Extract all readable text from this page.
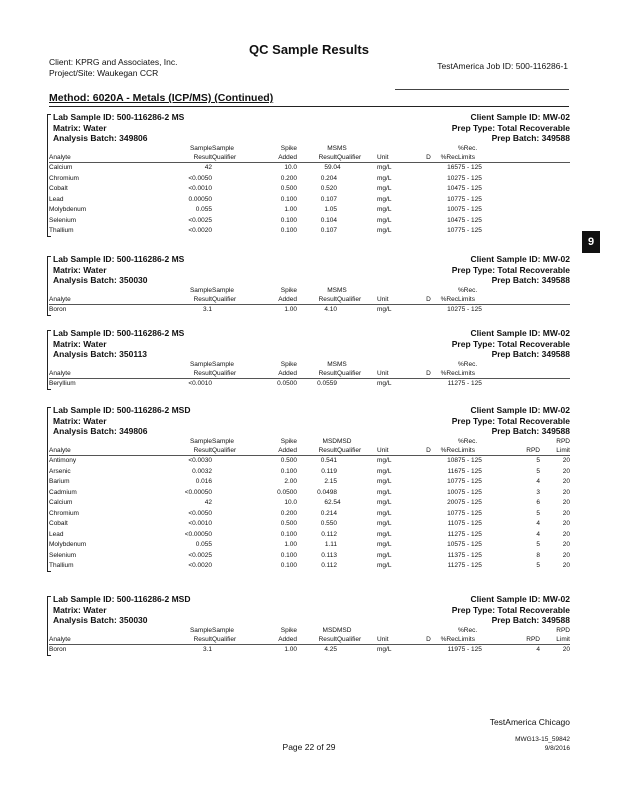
QC Sample Results
Client: KPRG and Associates, Inc.
Project/Site: Waukegan CCR
TestAmerica Job ID: 500-116286-1
Method: 6020A - Metals (ICP/MS) (Continued)
9
Lab Sample ID: 500-116286-2 MS
Matrix: Water
Analysis Batch: 349806
Client Sample ID: MW-02
Prep Type: Total Recoverable
Prep Batch: 349588
	Sample	Sample	Spike	MS	MS				%Rec.		
Analyte	Result	Qualifier	Added	Result	Qualifier	Unit	D	%Rec	Limits		
Calcium	42		10.0	59.0	4	mg/L		165	75 - 125		
Chromium	<0.0050		0.200	0.204		mg/L		102	75 - 125		
Cobalt	<0.0010		0.500	0.520		mg/L		104	75 - 125		
Lead	0.00050		0.100	0.107		mg/L		107	75 - 125		
Molybdenum	0.055		1.00	1.05		mg/L		100	75 - 125		
Selenium	<0.0025		0.100	0.104		mg/L		104	75 - 125		
Thallium	<0.0020		0.100	0.107		mg/L		107	75 - 125		
Lab Sample ID: 500-116286-2 MS
Matrix: Water
Analysis Batch: 350030
Client Sample ID: MW-02
Prep Type: Total Recoverable
Prep Batch: 349588
	Sample	Sample	Spike	MS	MS				%Rec.		
Analyte	Result	Qualifier	Added	Result	Qualifier	Unit	D	%Rec	Limits		
Boron	3.1		1.00	4.10		mg/L		102	75 - 125		
Lab Sample ID: 500-116286-2 MS
Matrix: Water
Analysis Batch: 350113
Client Sample ID: MW-02
Prep Type: Total Recoverable
Prep Batch: 349588
	Sample	Sample	Spike	MS	MS				%Rec.		
Analyte	Result	Qualifier	Added	Result	Qualifier	Unit	D	%Rec	Limits		
Beryllium	<0.0010		0.0500	0.0559		mg/L		112	75 - 125		
Lab Sample ID: 500-116286-2 MSD
Matrix: Water
Analysis Batch: 349806
Client Sample ID: MW-02
Prep Type: Total Recoverable
Prep Batch: 349588
	Sample	Sample	Spike	MSD	MSD				%Rec.		RPD
Analyte	Result	Qualifier	Added	Result	Qualifier	Unit	D	%Rec	Limits	RPD	Limit
Antimony	<0.0030		0.500	0.541		mg/L		108	75 - 125	5	20
Arsenic	0.0032		0.100	0.119		mg/L		116	75 - 125	5	20
Barium	0.016		2.00	2.15		mg/L		107	75 - 125	4	20
Cadmium	<0.00050		0.0500	0.0498		mg/L		100	75 - 125	3	20
Calcium	42		10.0	62.5	4	mg/L		200	75 - 125	6	20
Chromium	<0.0050		0.200	0.214		mg/L		107	75 - 125	5	20
Cobalt	<0.0010		0.500	0.550		mg/L		110	75 - 125	4	20
Lead	<0.00050		0.100	0.112		mg/L		112	75 - 125	4	20
Molybdenum	0.055		1.00	1.11		mg/L		105	75 - 125	5	20
Selenium	<0.0025		0.100	0.113		mg/L		113	75 - 125	8	20
Thallium	<0.0020		0.100	0.112		mg/L		112	75 - 125	5	20
Lab Sample ID: 500-116286-2 MSD
Matrix: Water
Analysis Batch: 350030
Client Sample ID: MW-02
Prep Type: Total Recoverable
Prep Batch: 349588
	Sample	Sample	Spike	MSD	MSD				%Rec.		RPD
Analyte	Result	Qualifier	Added	Result	Qualifier	Unit	D	%Rec	Limits	RPD	Limit
Boron	3.1		1.00	4.25		mg/L		119	75 - 125	4	20
TestAmerica Chicago
Page 22 of 29
MWG13-15_59842
9/8/2016
